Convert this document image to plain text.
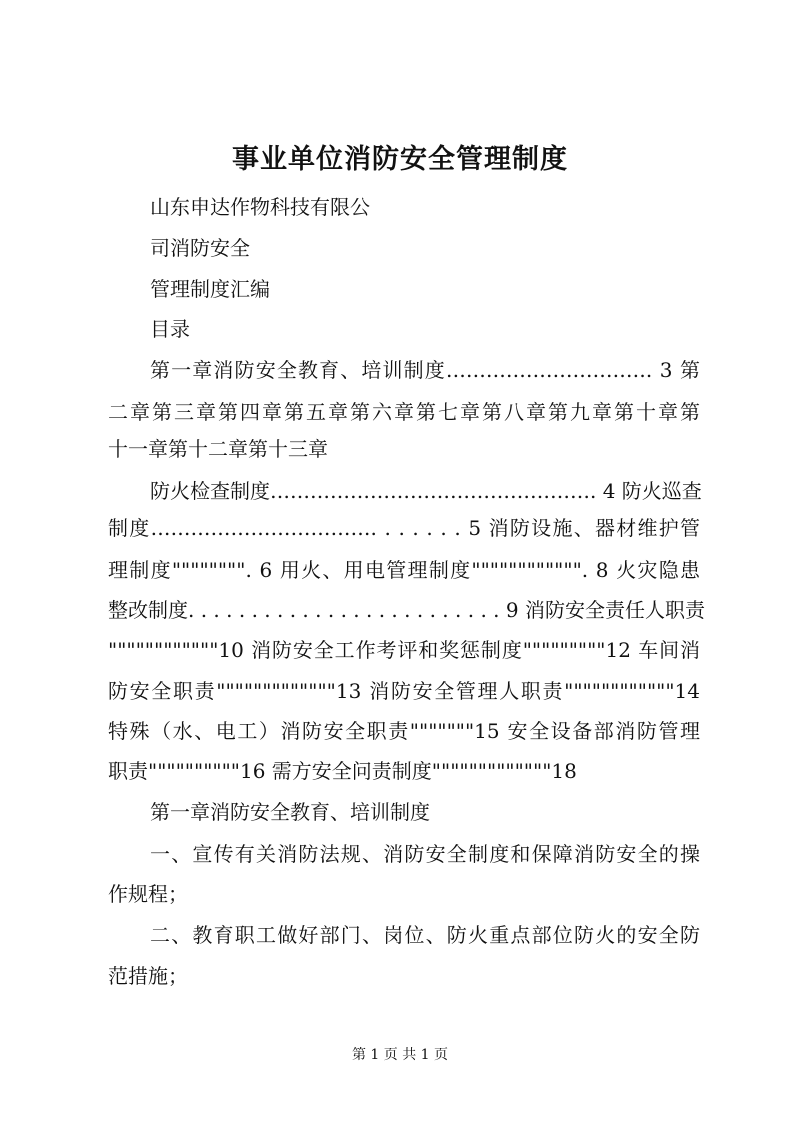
事业单位消防安全管理制度
山东申达作物科技有限公
司消防安全
管理制度汇编
目录
第一章消防安全教育、培训制度…………………………. 3 第
二章第三章第四章第五章第六章第七章第八章第九章第十章第
十一章第十二章第十三章
防火检查制度…………………………………………. 4 防火巡查
制度……………………………. . . . . . . 5 消防设施、器材维护管
理制度"""""""". 6 用火、用电管理制度"""""""""""". 8 火灾隐患
整改制度. . . . . . . . . . . . . . . . . . . . . . . . . 9 消防安全责任人职责
""""""""""""10 消防安全工作考评和奖惩制度"""""""""12 车间消
防安全职责"""""""""""""13 消防安全管理人职责""""""""""""14
特殊（水、电工）消防安全职责"""""""15 安全设备部消防管理
职责""""""""""16 需方安全问责制度"""""""""""""18
第一章消防安全教育、培训制度
一、宣传有关消防法规、消防安全制度和保障消防安全的操
作规程；
二、教育职工做好部门、岗位、防火重点部位防火的安全防
范措施；
第 1 页 共 1 页
